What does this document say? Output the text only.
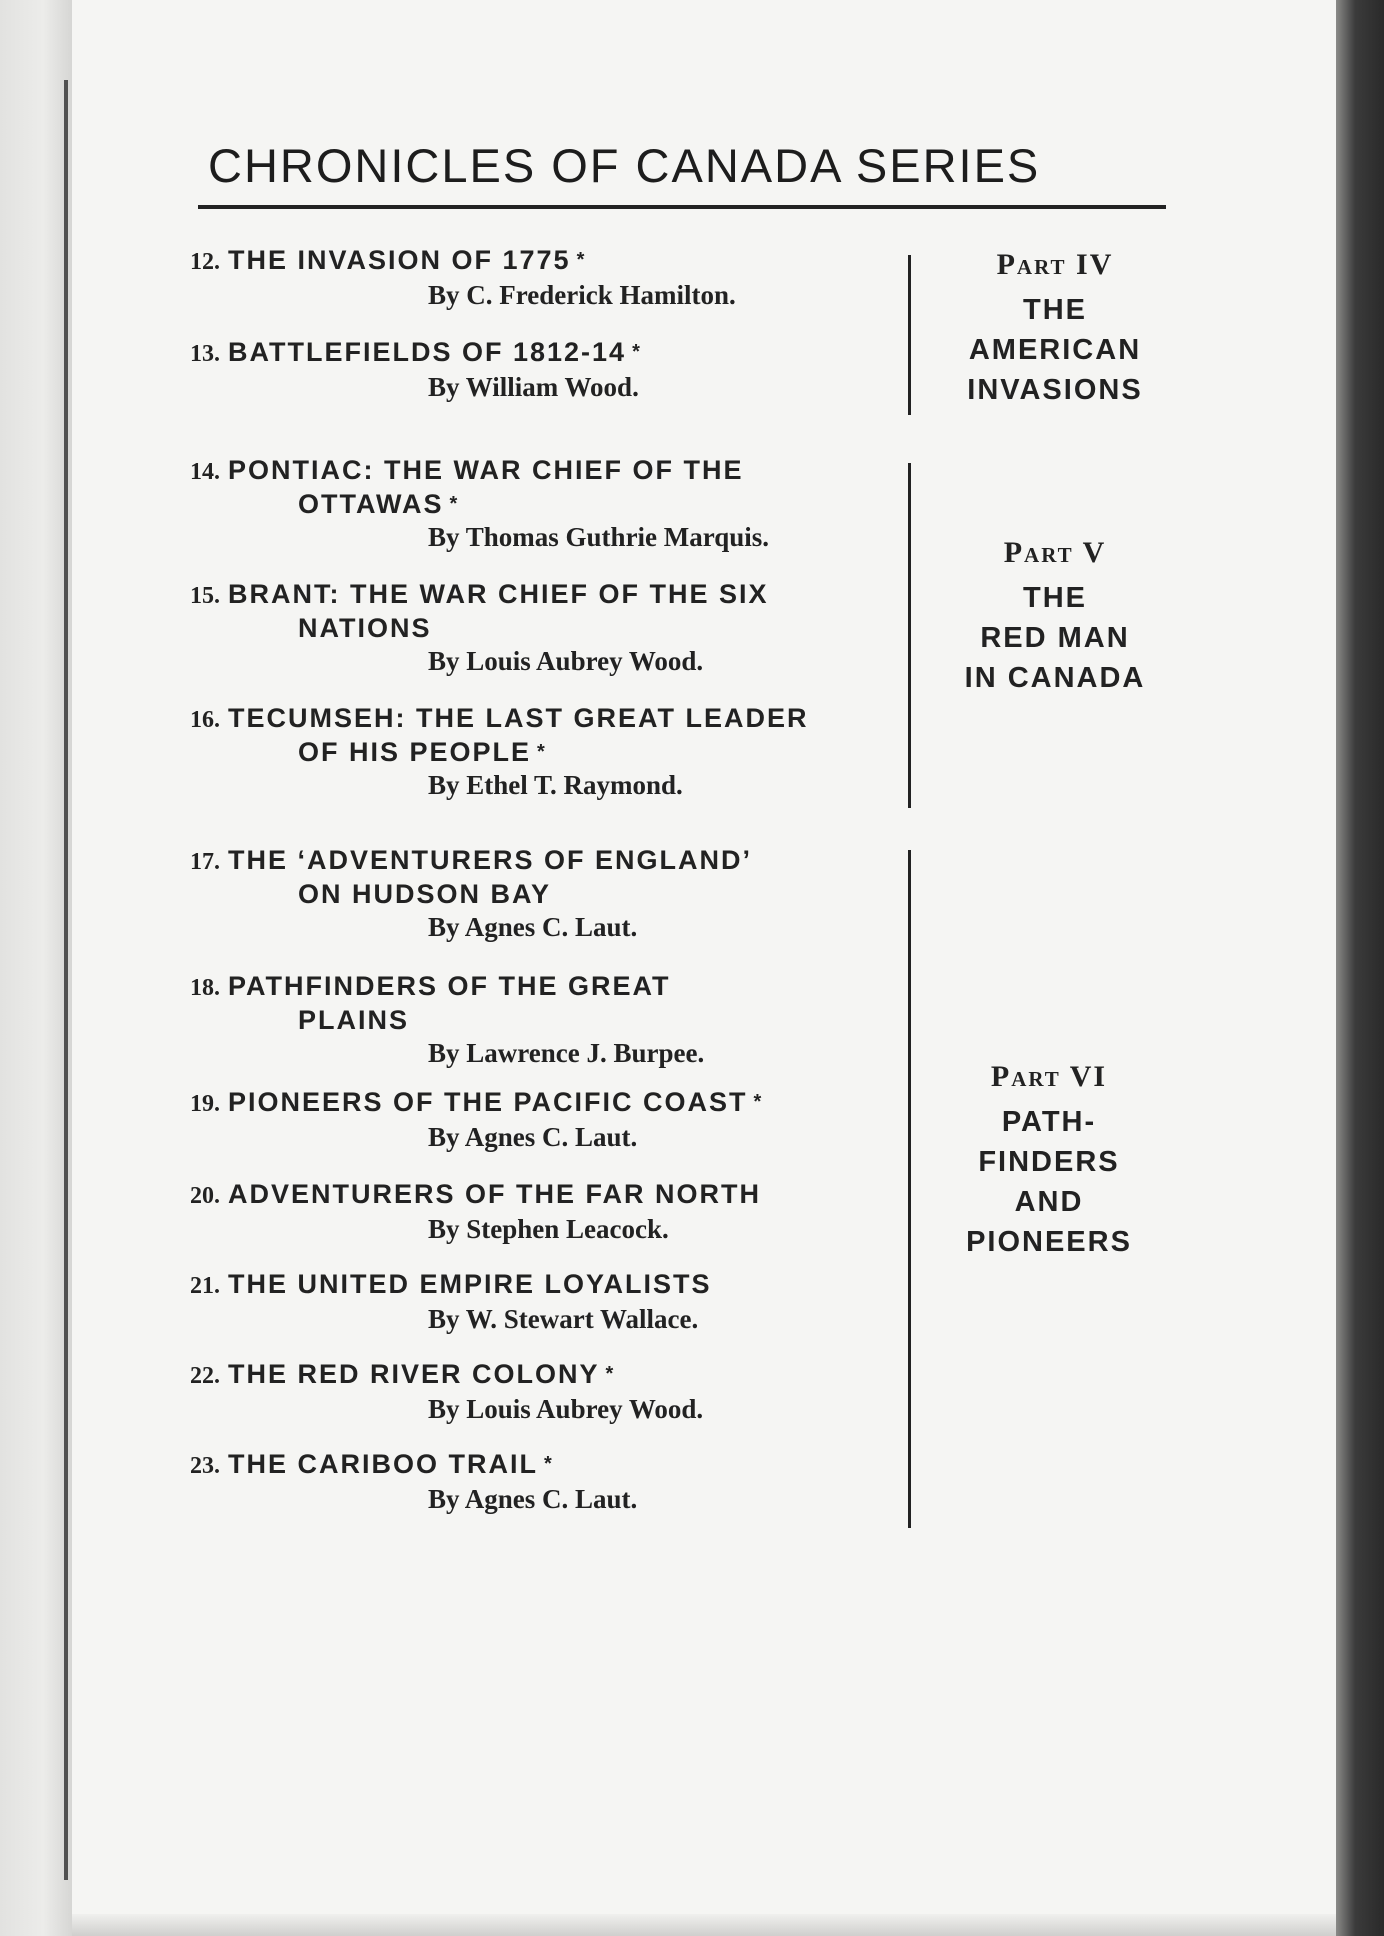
CHRONICLES OF CANADA SERIES
12. THE INVASION OF 1775 *
By C. Frederick Hamilton.
13. BATTLEFIELDS OF 1812-14 *
By William Wood.
14. PONTIAC: THE WAR CHIEF OF THE
OTTAWAS *
By Thomas Guthrie Marquis.
15. BRANT: THE WAR CHIEF OF THE SIX
NATIONS
By Louis Aubrey Wood.
16. TECUMSEH: THE LAST GREAT LEADER
OF HIS PEOPLE *
By Ethel T. Raymond.
17. THE ‘ADVENTURERS OF ENGLAND’
ON HUDSON BAY
By Agnes C. Laut.
18. PATHFINDERS OF THE GREAT
PLAINS
By Lawrence J. Burpee.
19. PIONEERS OF THE PACIFIC COAST *
By Agnes C. Laut.
20. ADVENTURERS OF THE FAR NORTH
By Stephen Leacock.
21. THE UNITED EMPIRE LOYALISTS
By W. Stewart Wallace.
22. THE RED RIVER COLONY *
By Louis Aubrey Wood.
23. THE CARIBOO TRAIL *
By Agnes C. Laut.
Part IV
THE
AMERICAN
INVASIONS
Part V
THE
RED MAN
IN CANADA
Part VI
PATH-
FINDERS
AND
PIONEERS
